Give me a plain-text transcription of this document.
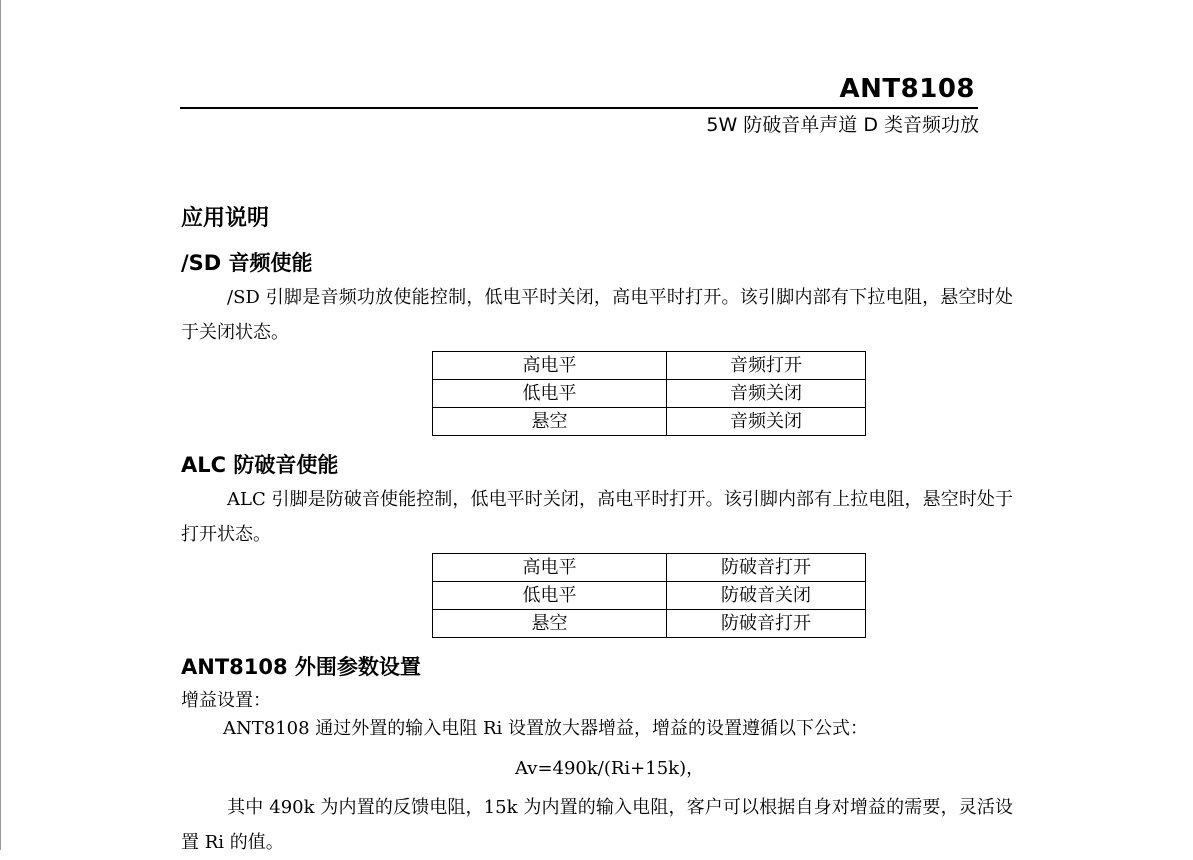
ANT8108
5W 防破音单声道 D 类音频功放
应用说明
/SD 音频使能

/SD 引脚是音频功放使能控制，低电平时关闭，高电平时打开。该引脚内部有下拉电阻，悬空时处于关闭状态。

高电平	音频打开
低电平	音频关闭
悬空	音频关闭
ALC 防破音使能

ALC 引脚是防破音使能控制，低电平时关闭，高电平时打开。该引脚内部有上拉电阻，悬空时处于打开状态。

高电平	防破音打开
低电平	防破音关闭
悬空	防破音打开
ANT8108 外围参数设置
增益设置：
ANT8108 通过外置的输入电阻 Ri 设置放大器增益，增益的设置遵循以下公式：
Av=490k/(Ri+15k)，

其中 490k 为内置的反馈电阻，15k 为内置的输入电阻，客户可以根据自身对增益的需要，灵活设置 Ri 的值。
